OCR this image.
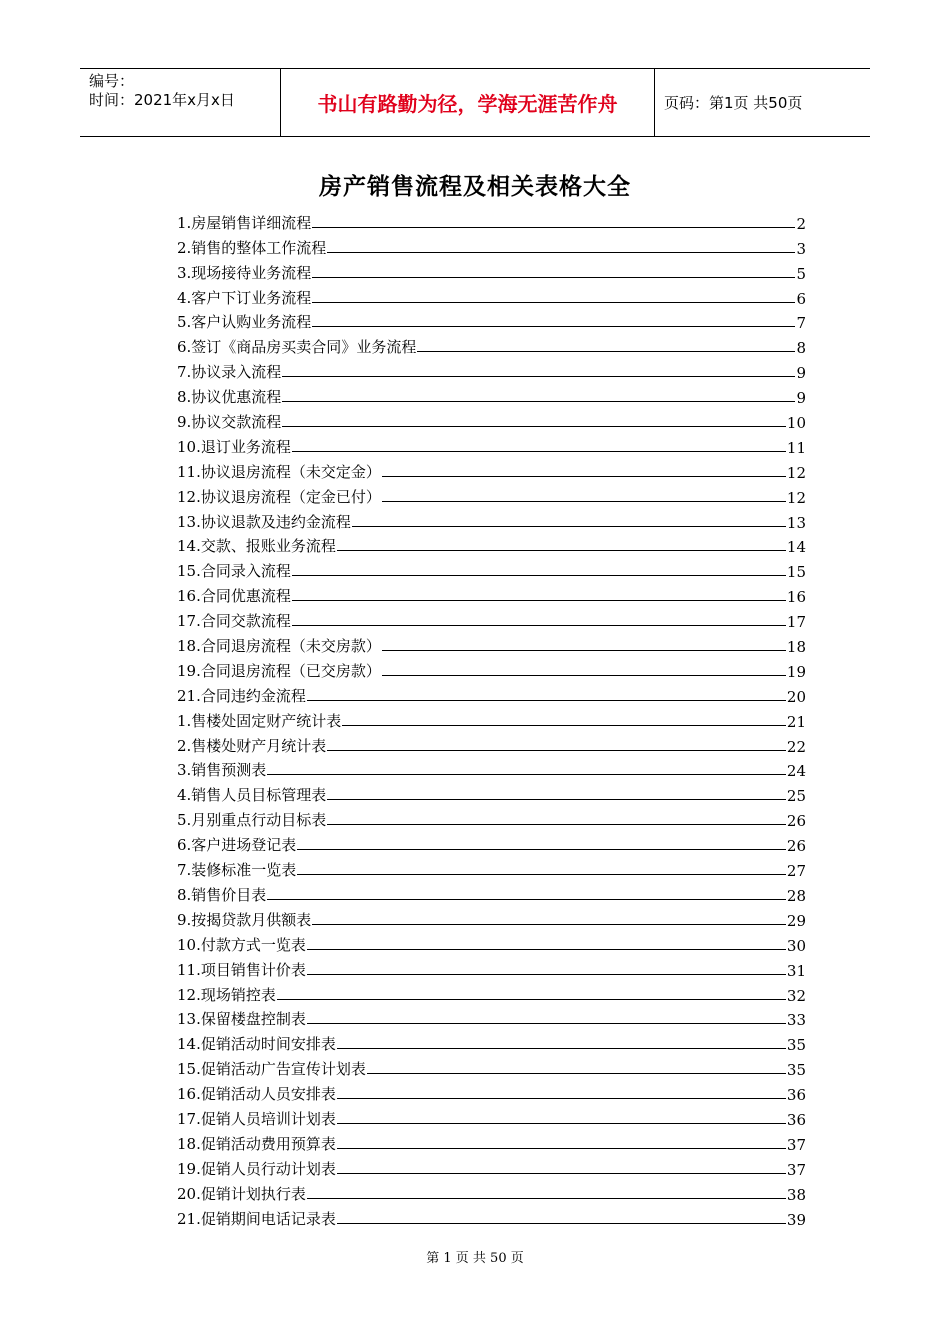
编号：
时间：2021年x月x日	书山有路勤为径，学海无涯苦作舟	页码：第1页 共50页
房产销售流程及相关表格大全
1.房屋销售详细流程	2
2.销售的整体工作流程	3
3.现场接待业务流程	5
4.客户下订业务流程	6
5.客户认购业务流程	7
6.签订《商品房买卖合同》业务流程	8
7.协议录入流程	9
8.协议优惠流程	9
9.协议交款流程	10
10.退订业务流程	11
11.协议退房流程（未交定金）	12
12.协议退房流程（定金已付）	12
13.协议退款及违约金流程	13
14.交款、报账业务流程	14
15.合同录入流程	15
16.合同优惠流程	16
17.合同交款流程	17
18.合同退房流程（未交房款）	18
19.合同退房流程（已交房款）	19
21.合同违约金流程	20
1.售楼处固定财产统计表	21
2.售楼处财产月统计表	22
3.销售预测表	24
4.销售人员目标管理表	25
5.月别重点行动目标表	26
6.客户进场登记表	26
7.装修标准一览表	27
8.销售价目表	28
9.按揭贷款月供额表	29
10.付款方式一览表	30
11.项目销售计价表	31
12.现场销控表	32
13.保留楼盘控制表	33
14.促销活动时间安排表	35
15.促销活动广告宣传计划表	35
16.促销活动人员安排表	36
17.促销人员培训计划表	36
18.促销活动费用预算表	37
19.促销人员行动计划表	37
20.促销计划执行表	38
21.促销期间电话记录表	39
第 1 页 共 50 页
